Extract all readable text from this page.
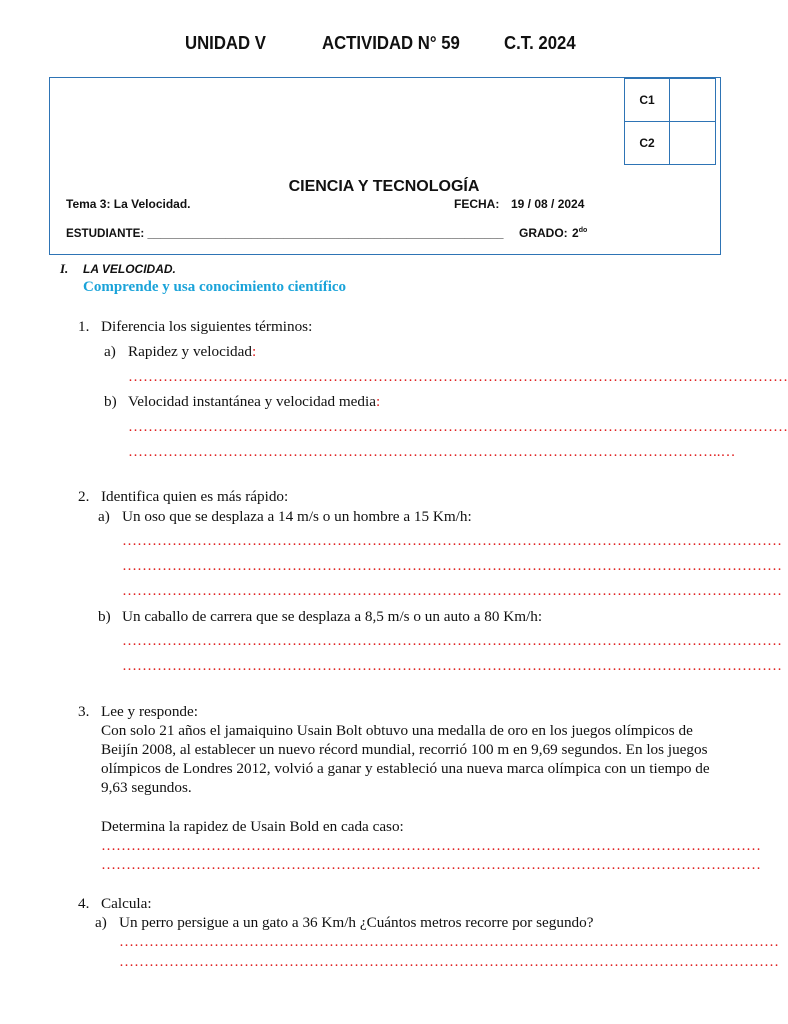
UNIDAD V	ACTIVIDAD N° 59 C.T. 2024
C1	
C2	
CIENCIA Y TECNOLOGÍA
Tema 3: La Velocidad.	FECHA: 19 / 08 / 2024
ESTUDIANTE: _______________________________________________________ GRADO: $2^{do}$
I. LA VELOCIDAD.
Comprende y usa conocimiento científico
1. Diferencia los siguientes términos:
a) Rapidez y velocidad:
……………………………………………………………………………………………………………………
b) Velocidad instantánea y velocidad media:
……………………………………………………………………………………………………………………
………………………………………………………………………………………………………..…
2. Identifica quien es más rápido:
a) Un oso que se desplaza a 14 m/s o un hombre a 15 Km/h:
……………………………………………………………………………………………………………………
……………………………………………………………………………………………………………………
……………………………………………………………………………………………………………………
b) Un caballo de carrera que se desplaza a 8,5 m/s o un auto a 80 Km/h:
……………………………………………………………………………………………………………………
……………………………………………………………………………………………………………………
3. Lee y responde:
Con solo 21 años el jamaiquino Usain Bolt obtuvo una medalla de oro en los juegos olímpicos de
Beijín 2008, al establecer un nuevo récord mundial, recorrió 100 m en 9,69 segundos. En los juegos
olímpicos de Londres 2012, volvió a ganar y estableció una nueva marca olímpica con un tiempo de
9,63 segundos.
Determina la rapidez de Usain Bold en cada caso:
……………………………………………………………………………………………………………………
……………………………………………………………………………………………………………………
4. Calcula:
a) Un perro persigue a un gato a 36 Km/h ¿Cuántos metros recorre por segundo?
……………………………………………………………………………………………………………………
……………………………………………………………………………………………………………………
